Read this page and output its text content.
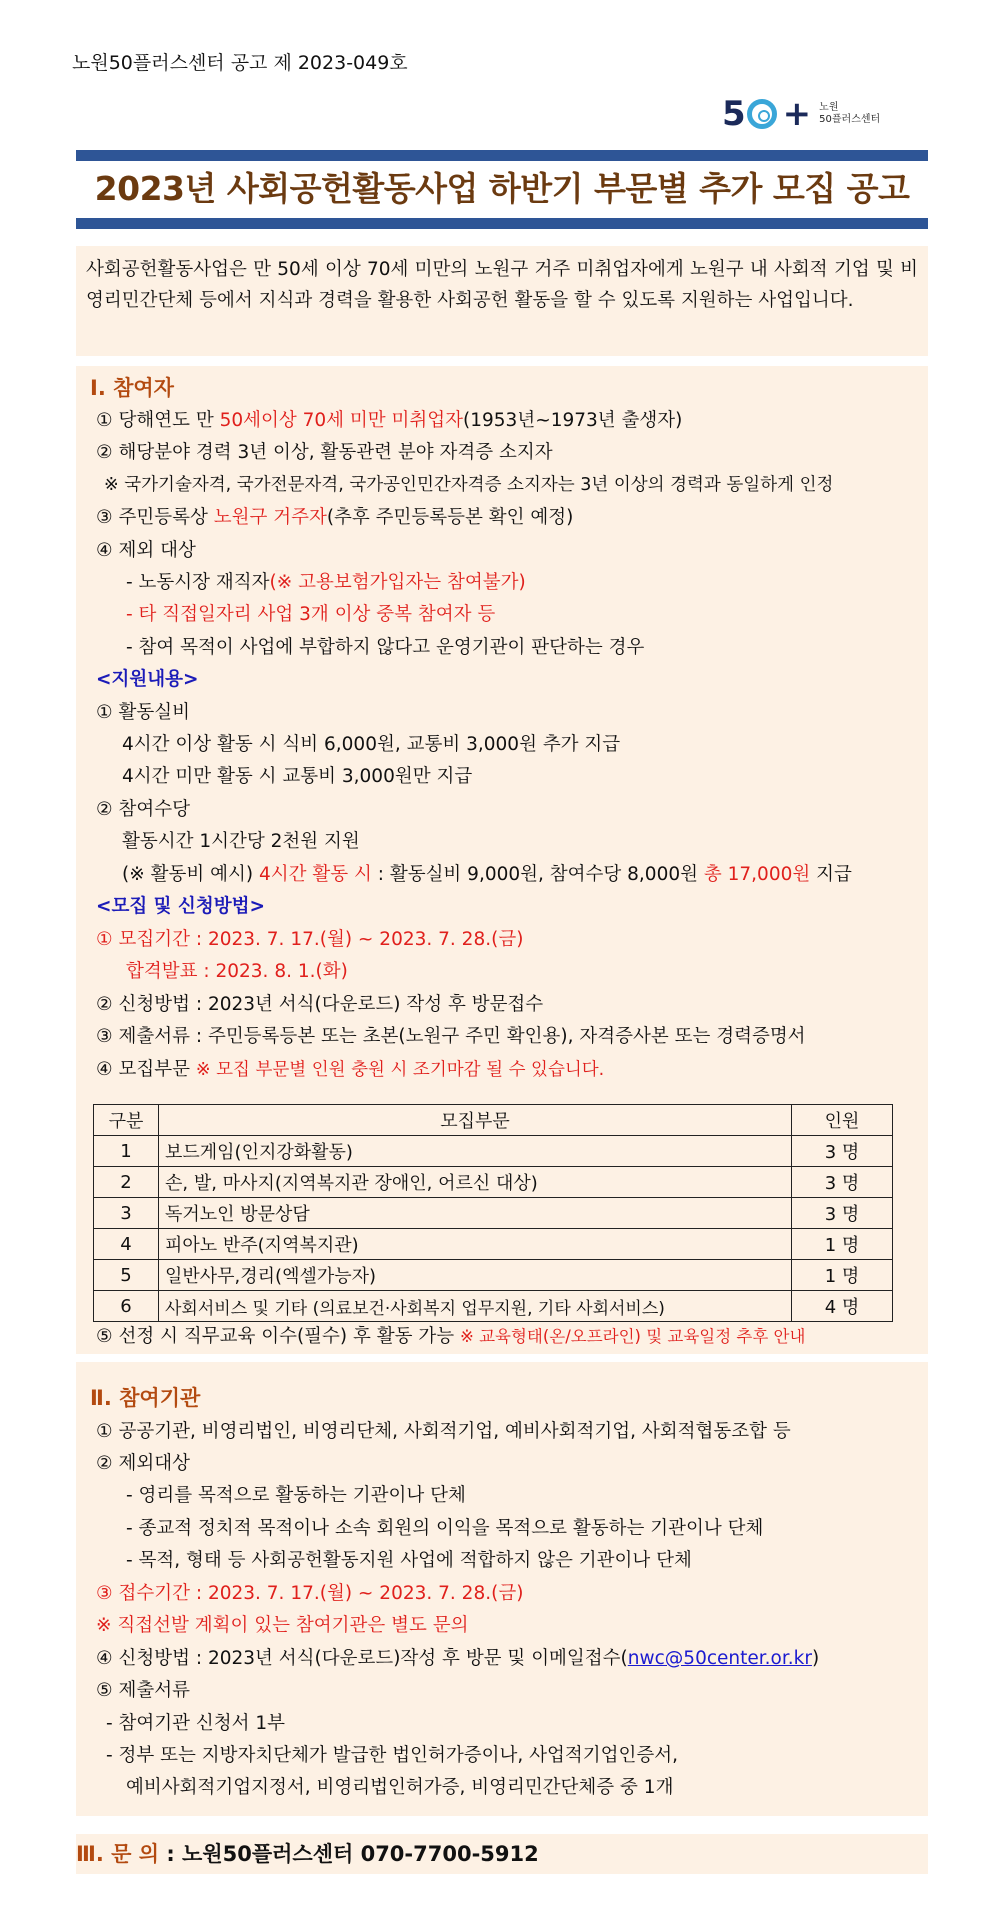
노원50플러스센터 공고 제 2023-049호
5 + 노원
50플러스센터
2023년 사회공헌활동사업 하반기 부문별 추가 모집 공고
사회공헌활동사업은 만 50세 이상 70세 미만의 노원구 거주 미취업자에게 노원구 내 사회적 기업 및 비영리민간단체 등에서 지식과 경력을 활용한 사회공헌 활동을 할 수 있도록 지원하는 사업입니다.
Ⅰ. 참여자
① 당해연도 만 50세이상 70세 미만 미취업자(1953년~1973년 출생자)
② 해당분야 경력 3년 이상, 활동관련 분야 자격증 소지자
※ 국가기술자격, 국가전문자격, 국가공인민간자격증 소지자는 3년 이상의 경력과 동일하게 인정
③ 주민등록상 노원구 거주자(추후 주민등록등본 확인 예정)
④ 제외 대상
- 노동시장 재직자(※ 고용보험가입자는 참여불가)
- 타 직접일자리 사업 3개 이상 중복 참여자 등
- 참여 목적이 사업에 부합하지 않다고 운영기관이 판단하는 경우
<지원내용>
① 활동실비
4시간 이상 활동 시 식비 6,000원, 교통비 3,000원 추가 지급
4시간 미만 활동 시 교통비 3,000원만 지급
② 참여수당
활동시간 1시간당 2천원 지원
(※ 활동비 예시) 4시간 활동 시 : 활동실비 9,000원, 참여수당 8,000원 총 17,000원 지급
<모집 및 신청방법>
① 모집기간 : 2023. 7. 17.(월) ~ 2023. 7. 28.(금)
합격발표 : 2023. 8. 1.(화)
② 신청방법 : 2023년 서식(다운로드) 작성 후 방문접수
③ 제출서류 : 주민등록등본 또는 초본(노원구 주민 확인용), 자격증사본 또는 경력증명서
④ 모집부문 ※ 모집 부문별 인원 충원 시 조기마감 될 수 있습니다.
구분	모집부문	인원
1	보드게임(인지강화활동)	3 명
2	손, 발, 마사지(지역복지관 장애인, 어르신 대상)	3 명
3	독거노인 방문상담	3 명
4	피아노 반주(지역복지관)	1 명
5	일반사무,경리(엑셀가능자)	1 명
6	사회서비스 및 기타 (의료보건·사회복지 업무지원, 기타 사회서비스)	4 명
⑤ 선정 시 직무교육 이수(필수) 후 활동 가능 ※ 교육형태(온/오프라인) 및 교육일정 추후 안내
Ⅱ. 참여기관
① 공공기관, 비영리법인, 비영리단체, 사회적기업, 예비사회적기업, 사회적협동조합 등
② 제외대상
- 영리를 목적으로 활동하는 기관이나 단체
- 종교적 정치적 목적이나 소속 회원의 이익을 목적으로 활동하는 기관이나 단체
- 목적, 형태 등 사회공헌활동지원 사업에 적합하지 않은 기관이나 단체
③ 접수기간 : 2023. 7. 17.(월) ~ 2023. 7. 28.(금)
※ 직접선발 계획이 있는 참여기관은 별도 문의
④ 신청방법 : 2023년 서식(다운로드)작성 후 방문 및 이메일접수(nwc@50center.or.kr)
⑤ 제출서류
- 참여기관 신청서 1부
- 정부 또는 지방자치단체가 발급한 법인허가증이나, 사업적기업인증서,
예비사회적기업지정서, 비영리법인허가증, 비영리민간단체증 중 1개
Ⅲ. 문 의 : 노원50플러스센터 070-7700-5912
